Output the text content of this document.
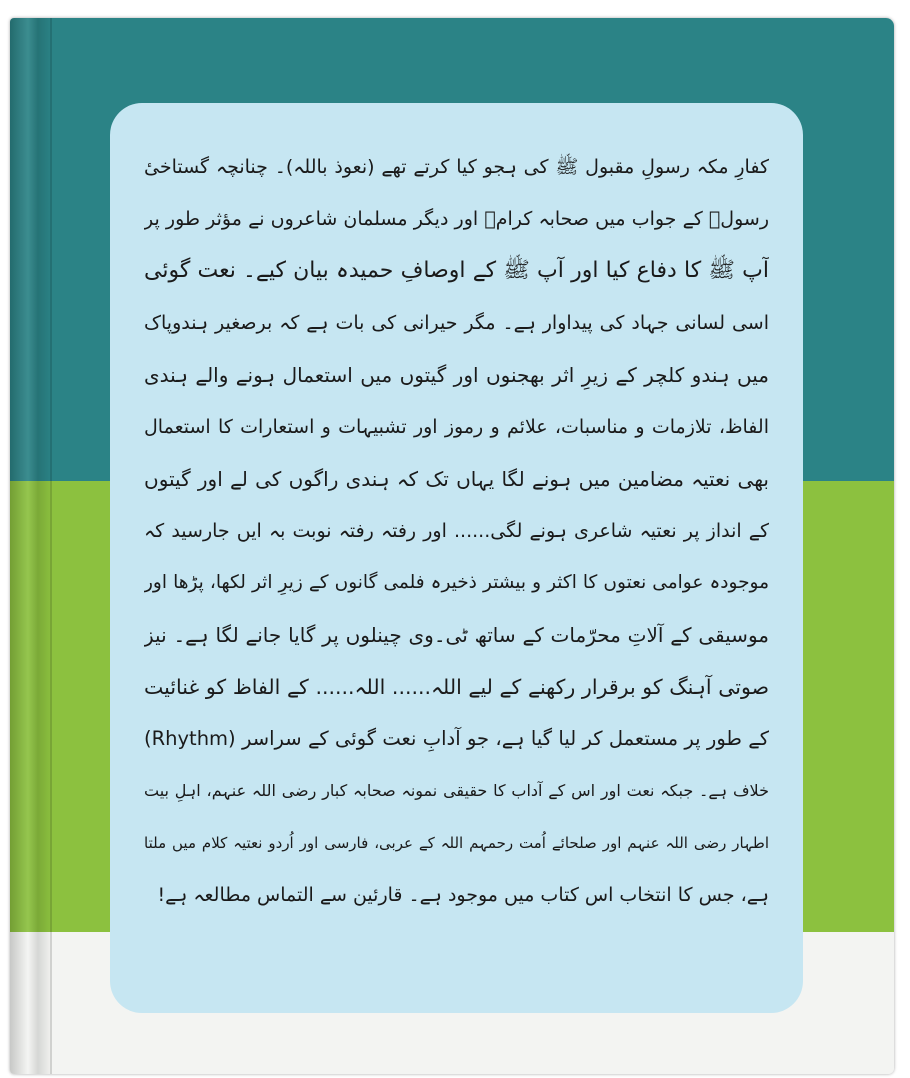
کفارِ مکہ رسولِ مقبول ﷺ کی ہجو کیا کرتے تھے (نعوذ باللہ)۔ چنانچہ گستاخیٔ
رسولؐ کے جواب میں صحابہ کرامؓ اور دیگر مسلمان شاعروں نے مؤثر طور پر
آپ ﷺ کا دفاع کیا اور آپ ﷺ کے اوصافِ حمیدہ بیان کیے۔ نعت گوئی
اسی لسانی جہاد کی پیداوار ہے۔ مگر حیرانی کی بات ہے کہ برصغیر ہندوپاک
میں ہندو کلچر کے زیرِ اثر بھجنوں اور گیتوں میں استعمال ہونے والے ہندی
الفاظ، تلازمات و مناسبات، علائم و رموز اور تشبیہات و استعارات کا استعمال
بھی نعتیہ مضامین میں ہونے لگا یہاں تک کہ ہندی راگوں کی لے اور گیتوں
کے انداز پر نعتیہ شاعری ہونے لگی...... اور رفتہ رفتہ نوبت بہ ایں جارسید کہ
موجودہ عوامی نعتوں کا اکثر و بیشتر ذخیرہ فلمی گانوں کے زیرِ اثر لکھا، پڑھا اور
موسیقی کے آلاتِ محرّمات کے ساتھ ٹی۔وی چینلوں پر گایا جانے لگا ہے۔ نیز
صوتی آہنگ کو برقرار رکھنے کے لیے اللہ...... اللہ...... کے الفاظ کو غنائیت
(Rhythm) کے طور پر مستعمل کر لیا گیا ہے، جو آدابِ نعت گوئی کے سراسر
خلاف ہے۔ جبکہ نعت اور اس کے آداب کا حقیقی نمونہ صحابہ کبار رضی اللہ عنہم، اہلِ بیت
اطہار رضی اللہ عنہم اور صلحائے اُمت رحمہم اللہ کے عربی، فارسی اور اُردو نعتیہ کلام میں ملتا
ہے، جس کا انتخاب اس کتاب میں موجود ہے۔ قارئین سے التماس مطالعہ ہے!
